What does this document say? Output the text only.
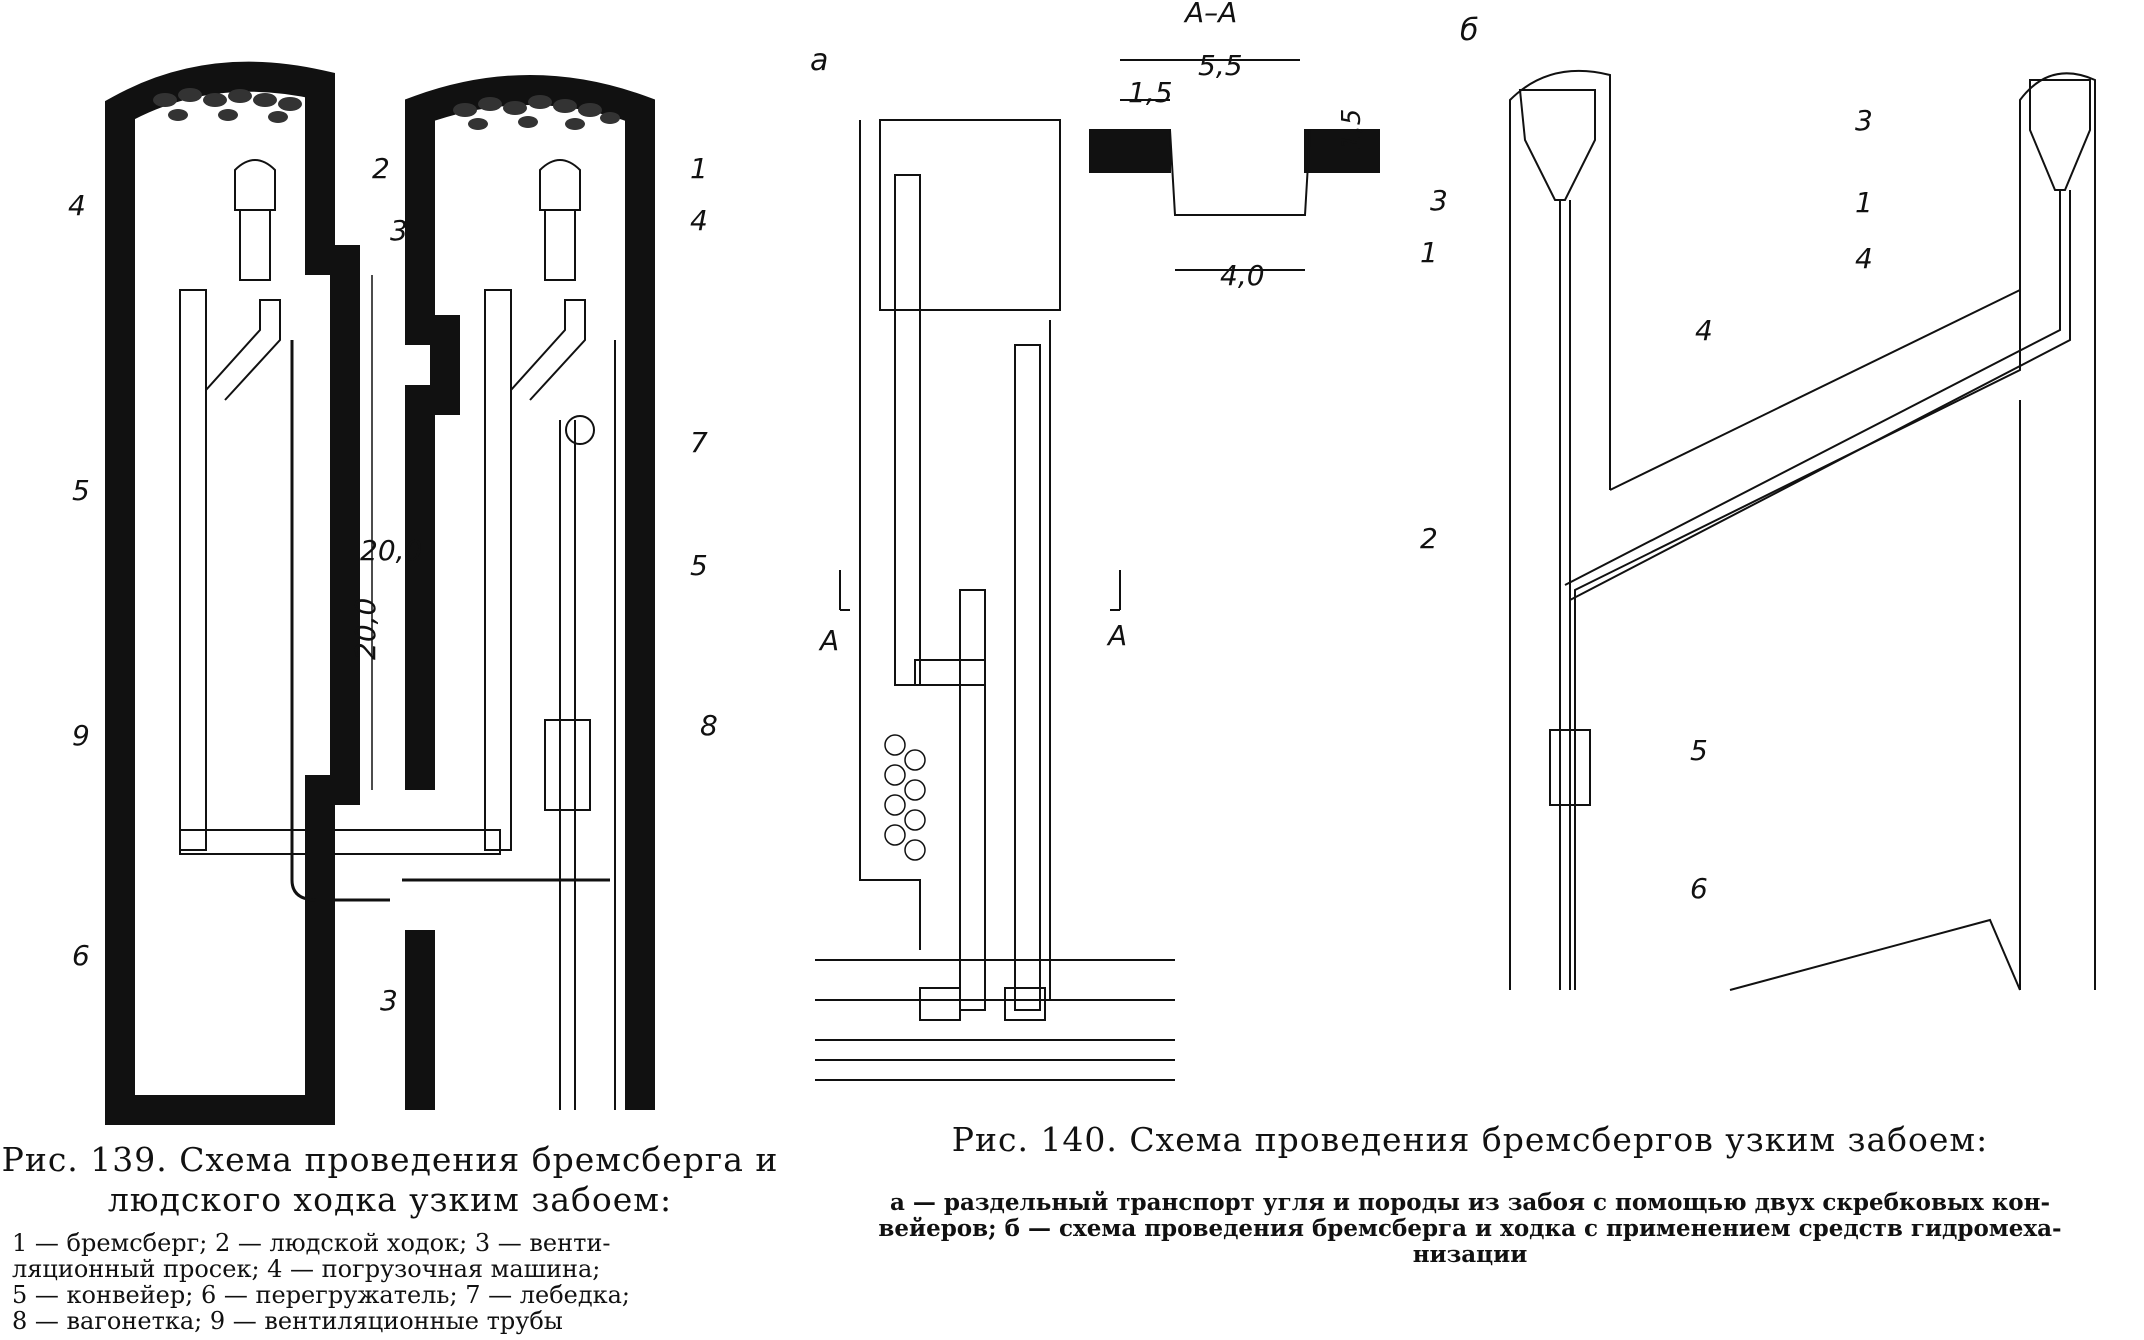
2	1
4	4
3
5
5
7
9	8
6
3
20,0
20,0
Рис. 139. Схема проведения бремсберга и
людского ходка узким забоем:
1 — бремсберг; 2 — людской ходок; 3 — венти-
ляционный просек; 4 — погрузочная машина;
5 — конвейер; 6 — перегружатель; 7 — лебедка;
8 — вагонетка; 9 — вентиляционные трубы
а
А	А
А–А
5,5
1,5
1,5
4,0
б
3
3	1
1	4
4
2
5
6
Рис. 140. Схема проведения бремсбергов узким забоем:
а — раздельный транспорт угля и породы из забоя с помощью двух скребковых кон-
вейеров; б — схема проведения бремсберга и ходка с применением средств гидромеха-
низации
